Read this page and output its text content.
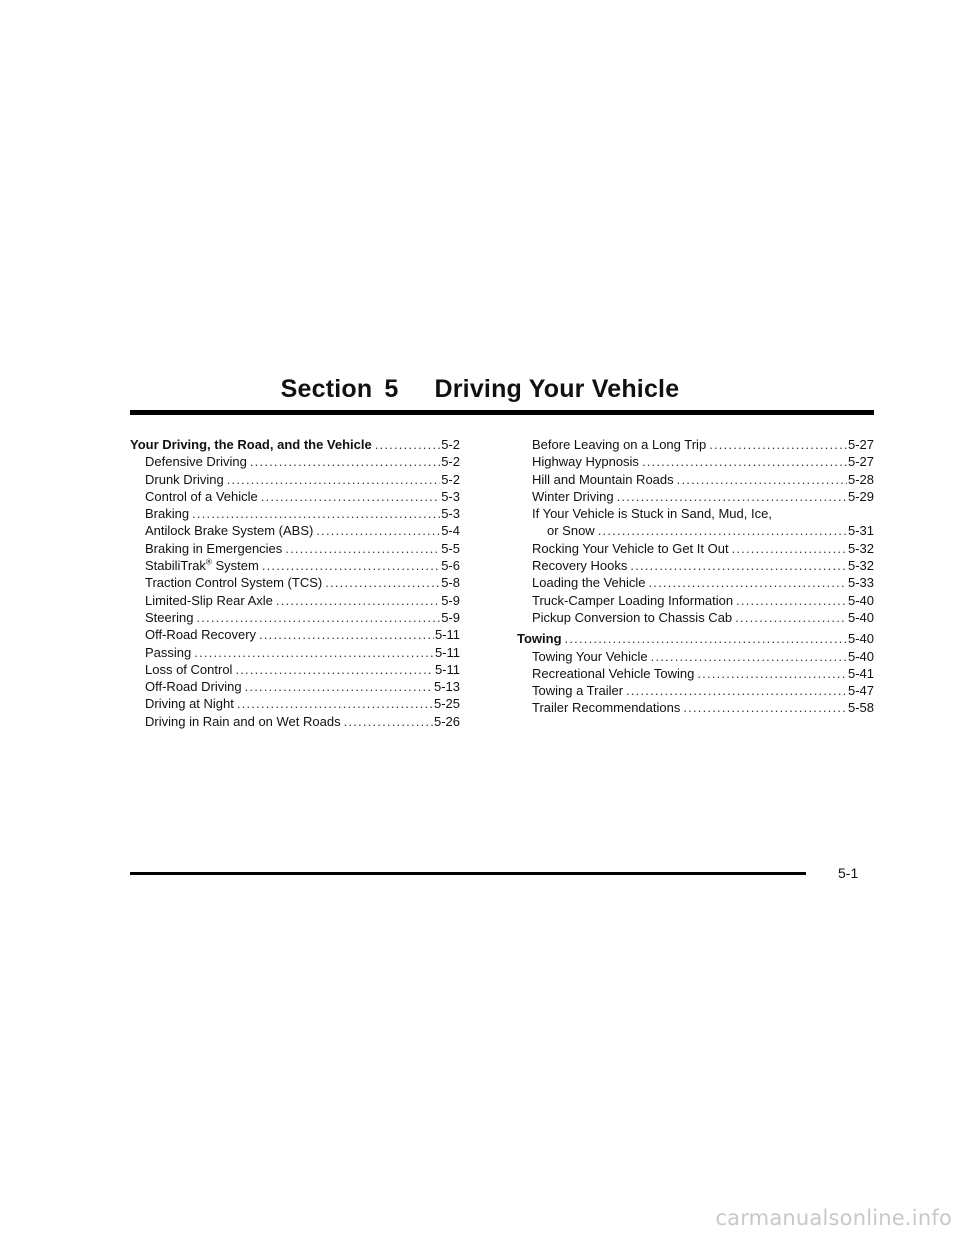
Section 5 Driving Your Vehicle
Your Driving, the Road, and the Vehicle .....	5-2
Defensive Driving .....	5-2
Drunk Driving .....	5-2
Control of a Vehicle .....	5-3
Braking .....	5-3
Antilock Brake System (ABS) .....	5-4
Braking in Emergencies .....	5-5
StabiliTrak® System .....	5-6
Traction Control System (TCS) .....	5-8
Limited-Slip Rear Axle .....	5-9
Steering .....	5-9
Off-Road Recovery .....	5-11
Passing .....	5-11
Loss of Control .....	5-11
Off-Road Driving .....	5-13
Driving at Night .....	5-25
Driving in Rain and on Wet Roads .....	5-26
Before Leaving on a Long Trip .....	5-27
Highway Hypnosis .....	5-27
Hill and Mountain Roads .....	5-28
Winter Driving .....	5-29
If Your Vehicle is Stuck in Sand, Mud, Ice,
or Snow .....	5-31
Rocking Your Vehicle to Get It Out .....	5-32
Recovery Hooks .....	5-32
Loading the Vehicle .....	5-33
Truck-Camper Loading Information .....	5-40
Pickup Conversion to Chassis Cab .....	5-40
Towing .....	5-40
Towing Your Vehicle .....	5-40
Recreational Vehicle Towing .....	5-41
Towing a Trailer .....	5-47
Trailer Recommendations .....	5-58
5-1
carmanualsonline.info
